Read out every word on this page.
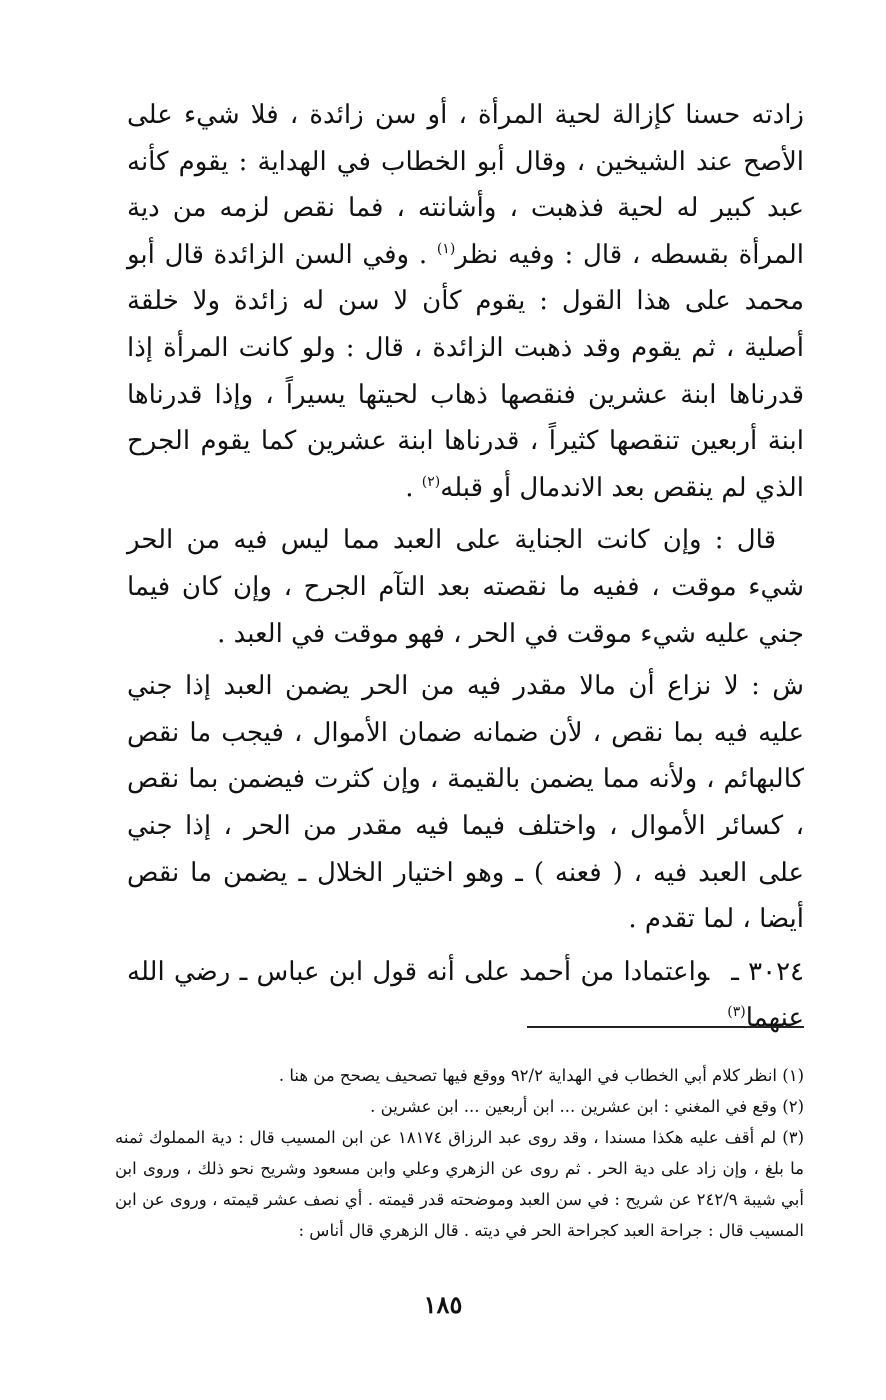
زادته حسنا كإزالة لحية المرأة ، أو سن زائدة ، فلا شيء على الأصح عند الشيخين ، وقال أبو الخطاب في الهداية : يقوم كأنه عبد كبير له لحية فذهبت ، وأشانته ، فما نقص لزمه من دية المرأة بقسطه ، قال : وفيه نظر$^{(١)}$ . وفي السن الزائدة قال أبو محمد على هذا القول : يقوم كأن لا سن له زائدة ولا خلقة أصلية ، ثم يقوم وقد ذهبت الزائدة ، قال : ولو كانت المرأة إذا قدرناها ابنة عشرين فنقصها ذهاب لحيتها يسيراً ، وإذا قدرناها ابنة أربعين تنقصها كثيراً ، قدرناها ابنة عشرين كما يقوم الجرح الذي لم ينقص بعد الاندمال أو قبله$^{(٢)}$ .

قال : وإن كانت الجناية على العبد مما ليس فيه من الحر شيء موقت ، ففيه ما نقصته بعد التآم الجرح ، وإن كان فيما جني عليه شيء موقت في الحر ، فهو موقت في العبد .

ش : لا نزاع أن مالا مقدر فيه من الحر يضمن العبد إذا جني عليه فيه بما نقص ، لأن ضمانه ضمان الأموال ، فيجب ما نقص كالبهائم ، ولأنه مما يضمن بالقيمة ، وإن كثرت فيضمن بما نقص ، كسائر الأموال ، واختلف فيما فيه مقدر من الحر ، إذا جني على العبد فيه ، ( فعنه ) ـ وهو اختيار الخلال ـ يضمن ما نقص أيضا ، لما تقدم .

٣٠٢٤ ـواعتمادا من أحمد على أنه قول ابن عباس ـ رضي الله عنهما$^{(٣)}$

(١) انظر كلام أبي الخطاب في الهداية ٩٢/٢ ووقع فيها تصحيف يصحح من هنا .

(٢) وقع في المغني : ابن عشرين ... ابن أربعين ... ابن عشرين .

(٣) لم أقف عليه هكذا مسندا ، وقد روى عبد الرزاق ١٨١٧٤ عن ابن المسيب قال : دية المملوك ثمنه ما بلغ ، وإن زاد على دية الحر . ثم روى عن الزهري وعلي وابن مسعود وشريح نحو ذلك ، وروى ابن أبي شيبة ٢٤٢/٩ عن شريح : في سن العبد وموضحته قدر قيمته . أي نصف عشر قيمته ، وروى عن ابن المسيب قال : جراحة العبد كجراحة الحر في ديته . قال الزهري قال أناس :

١٨٥
